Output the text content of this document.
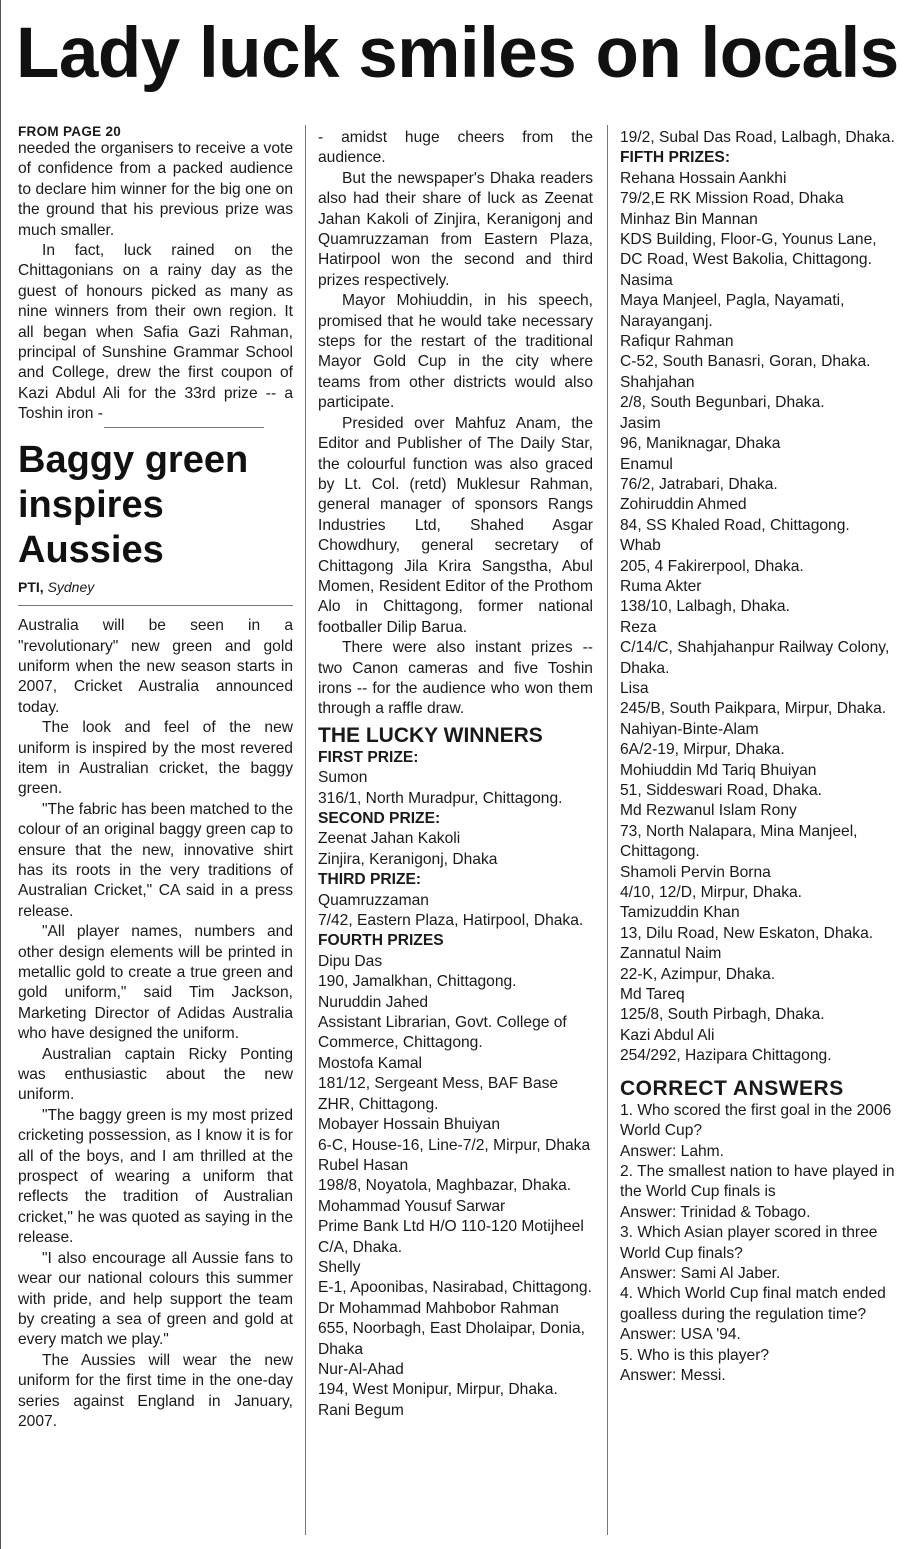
Lady luck smiles on locals
FROM PAGE 20

needed the organisers to receive a vote of confidence from a packed audience to declare him winner for the big one on the ground that his previous prize was much smaller.

In fact, luck rained on the Chittagonians on a rainy day as the guest of honours picked as many as nine winners from their own region. It all began when Safia Gazi Rahman, principal of Sunshine Grammar School and College, drew the first coupon of Kazi Abdul Ali for the 33rd prize -- a Toshin iron -

Baggy green inspires Aussies
PTI, Sydney
Australia will be seen in a "revolutionary" new green and gold uniform when the new season starts in 2007, Cricket Australia announced today.
The look and feel of the new uniform is inspired by the most revered item in Australian cricket, the baggy green.
"The fabric has been matched to the colour of an original baggy green cap to ensure that the new, innovative shirt has its roots in the very traditions of Australian Cricket," CA said in a press release.
"All player names, numbers and other design elements will be printed in metallic gold to create a true green and gold uniform," said Tim Jackson, Marketing Director of Adidas Australia who have designed the uniform.
Australian captain Ricky Ponting was enthusiastic about the new uniform.
"The baggy green is my most prized cricketing possession, as I know it is for all of the boys, and I am thrilled at the prospect of wearing a uniform that reflects the tradition of Australian cricket," he was quoted as saying in the release.
"I also encourage all Aussie fans to wear our national colours this summer with pride, and help support the team by creating a sea of green and gold at every match we play."
The Aussies will wear the new uniform for the first time in the one-day series against England in January, 2007.
- amidst huge cheers from the audience.
But the newspaper's Dhaka readers also had their share of luck as Zeenat Jahan Kakoli of Zinjira, Keranigonj and Quamruzzaman from Eastern Plaza, Hatirpool won the second and third prizes respectively.
Mayor Mohiuddin, in his speech, promised that he would take necessary steps for the restart of the traditional Mayor Gold Cup in the city where teams from other districts would also participate.
Presided over Mahfuz Anam, the Editor and Publisher of The Daily Star, the colourful function was also graced by Lt. Col. (retd) Muklesur Rahman, general manager of sponsors Rangs Industries Ltd, Shahed Asgar Chowdhury, general secretary of Chittagong Jila Krira Sangstha, Abul Momen, Resident Editor of the Prothom Alo in Chittagong, former national footballer Dilip Barua.
There were also instant prizes -- two Canon cameras and five Toshin irons -- for the audience who won them through a raffle draw.
THE LUCKY WINNERS
FIRST PRIZE:
Sumon
316/1, North Muradpur, Chittagong.
SECOND PRIZE:
Zeenat Jahan Kakoli
Zinjira, Keranigonj, Dhaka
THIRD PRIZE:
Quamruzzaman
7/42, Eastern Plaza, Hatirpool, Dhaka.
FOURTH PRIZES
Dipu Das
190, Jamalkhan, Chittagong.
Nuruddin Jahed
Assistant Librarian, Govt. College of Commerce, Chittagong.
Mostofa Kamal
181/12, Sergeant Mess, BAF Base ZHR, Chittagong.
Mobayer Hossain Bhuiyan
6-C, House-16, Line-7/2, Mirpur, Dhaka
Rubel Hasan
198/8, Noyatola, Maghbazar, Dhaka.
Mohammad Yousuf Sarwar
Prime Bank Ltd H/O 110-120 Motijheel C/A, Dhaka.
Shelly
E-1, Apoonibas, Nasirabad, Chittagong.
Dr Mohammad Mahbobor Rahman
655, Noorbagh, East Dholaipar, Donia, Dhaka
Nur-Al-Ahad
194, West Monipur, Mirpur, Dhaka.
Rani Begum
19/2, Subal Das Road, Lalbagh, Dhaka.
FIFTH PRIZES:
Rehana Hossain Aankhi
79/2,E RK Mission Road, Dhaka
Minhaz Bin Mannan
KDS Building, Floor-G, Younus Lane, DC Road, West Bakolia, Chittagong.
Nasima
Maya Manjeel, Pagla, Nayamati, Narayanganj.
Rafiqur Rahman
C-52, South Banasri, Goran, Dhaka.
Shahjahan
2/8, South Begunbari, Dhaka.
Jasim
96, Maniknagar, Dhaka
Enamul
76/2, Jatrabari, Dhaka.
Zohiruddin Ahmed
84, SS Khaled Road, Chittagong.
Whab
205, 4 Fakirerpool, Dhaka.
Ruma Akter
138/10, Lalbagh, Dhaka.
Reza
C/14/C, Shahjahanpur Railway Colony, Dhaka.
Lisa
245/B, South Paikpara, Mirpur, Dhaka.
Nahiyan-Binte-Alam
6A/2-19, Mirpur, Dhaka.
Mohiuddin Md Tariq Bhuiyan
51, Siddeswari Road, Dhaka.
Md Rezwanul Islam Rony
73, North Nalapara, Mina Manjeel, Chittagong.
Shamoli Pervin Borna
4/10, 12/D, Mirpur, Dhaka.
Tamizuddin Khan
13, Dilu Road, New Eskaton, Dhaka.
Zannatul Naim
22-K, Azimpur, Dhaka.
Md Tareq
125/8, South Pirbagh, Dhaka.
Kazi Abdul Ali
254/292, Hazipara Chittagong.
CORRECT ANSWERS
1. Who scored the first goal in the 2006 World Cup?
Answer: Lahm.
2. The smallest nation to have played in the World Cup finals is
Answer: Trinidad & Tobago.
3. Which Asian player scored in three World Cup finals?
Answer: Sami Al Jaber.
4. Which World Cup final match ended goalless during the regulation time?
Answer: USA '94.
5. Who is this player?
Answer: Messi.
